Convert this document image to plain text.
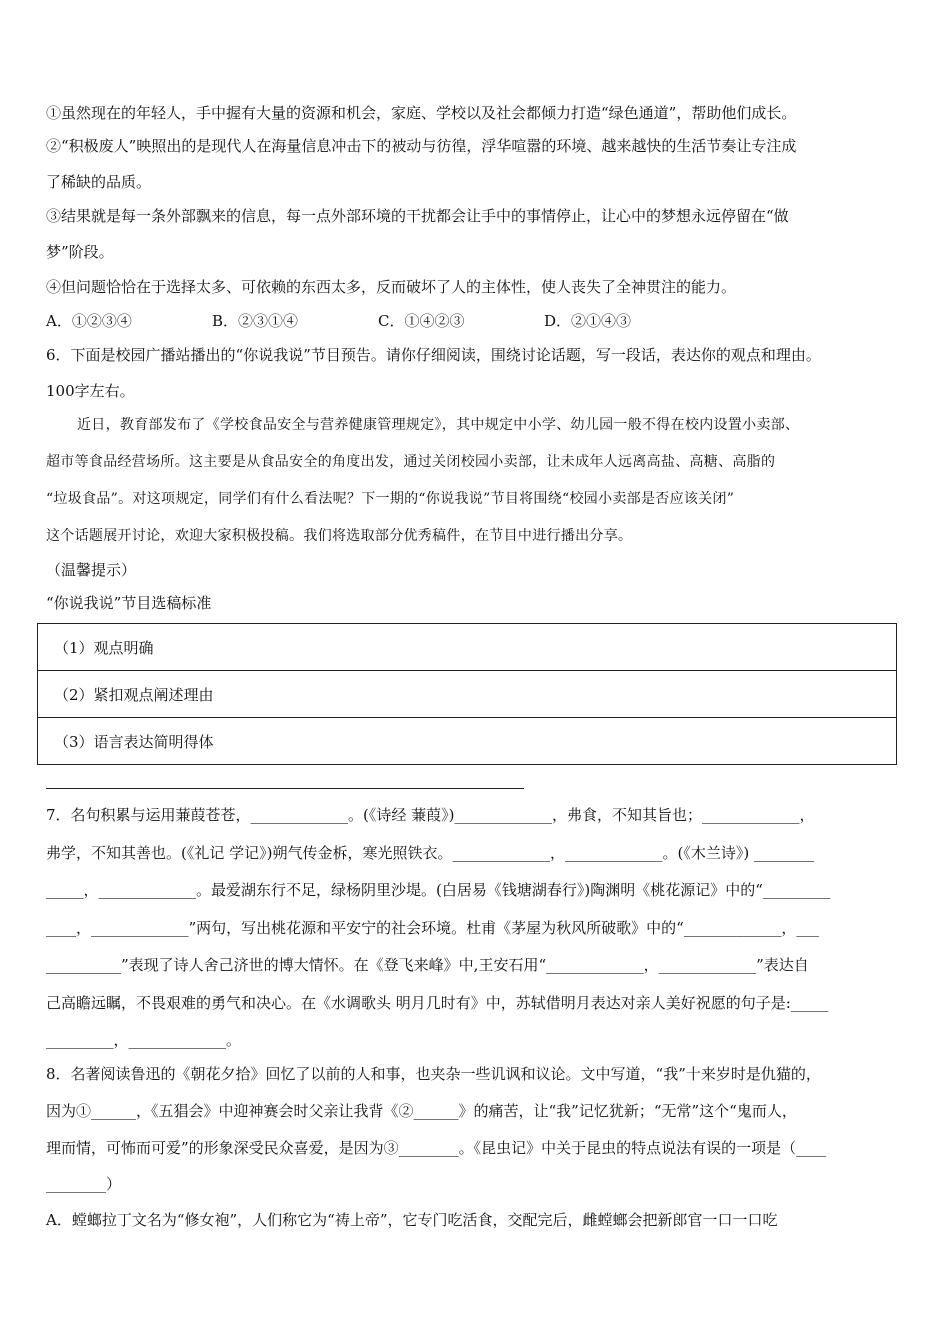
①虽然现在的年轻人，手中握有大量的资源和机会，家庭、学校以及社会都倾力打造“绿色通道”，帮助他们成长。
②“积极废人”映照出的是现代人在海量信息冲击下的被动与彷徨，浮华喧嚣的环境、越来越快的生活节奏让专注成
了稀缺的品质。
③结果就是每一条外部飘来的信息，每一点外部环境的干扰都会让手中的事情停止，让心中的梦想永远停留在“做
梦”阶段。
④但问题恰恰在于选择太多、可依赖的东西太多，反而破坏了人的主体性，使人丧失了全神贯注的能力。
A．①②③④	B．②③①④	C．①④②③	D．②①④③
6．下面是校园广播站播出的“你说我说”节目预告。请你仔细阅读，围绕讨论话题，写一段话，表达你的观点和理由。
100字左右。
近日，教育部发布了《学校食品安全与营养健康管理规定》，其中规定中小学、幼儿园一般不得在校内设置小卖部、
超市等食品经营场所。这主要是从食品安全的角度出发，通过关闭校园小卖部，让未成年人远离高盐、高糖、高脂的
“垃圾食品”。对这项规定，同学们有什么看法呢？下一期的“你说我说”节目将围绕“校园小卖部是否应该关闭”
这个话题展开讨论，欢迎大家积极投稿。我们将选取部分优秀稿件，在节目中进行播出分享。
（温馨提示）
“你说我说”节目选稿标准
（1）观点明确
（2）紧扣观点阐述理由
（3）语言表达简明得体
7．名句积累与运用蒹葭苍苍，_____________。(《诗经 蒹葭》)_____________，弗食，不知其旨也；_____________，
弗学，不知其善也。(《礼记 学记》)朔气传金柝，寒光照铁衣。_____________，_____________。(《木兰诗》) ________
_____，_____________。最爱湖东行不足，绿杨阴里沙堤。(白居易《钱塘湖春行》)陶渊明《桃花源记》中的“_________
____，_____________”两句，写出桃花源和平安宁的社会环境。杜甫《茅屋为秋风所破歌》中的“_____________，___
__________”表现了诗人舍己济世的博大情怀。在《登飞来峰》中,王安石用“_____________，_____________”表达自
己高瞻远瞩，不畏艰难的勇气和决心。在《水调歌头 明月几时有》中，苏轼借明月表达对亲人美好祝愿的句子是:_____
_________，_____________。
8．名著阅读鲁迅的《朝花夕拾》回忆了以前的人和事，也夹杂一些讥讽和议论。文中写道，“我”十来岁时是仇猫的，
因为①______，《五猖会》中迎神赛会时父亲让我背《②______》的痛苦，让“我”记忆犹新；“无常”这个“鬼而人，
理而情，可怖而可爱”的形象深受民众喜爱，是因为③________。《昆虫记》中关于昆虫的特点说法有误的一项是（____
________）
A．螳螂拉丁文名为“修女袍”，人们称它为“祷上帝”，它专门吃活食，交配完后，雌螳螂会把新郎官一口一口吃
